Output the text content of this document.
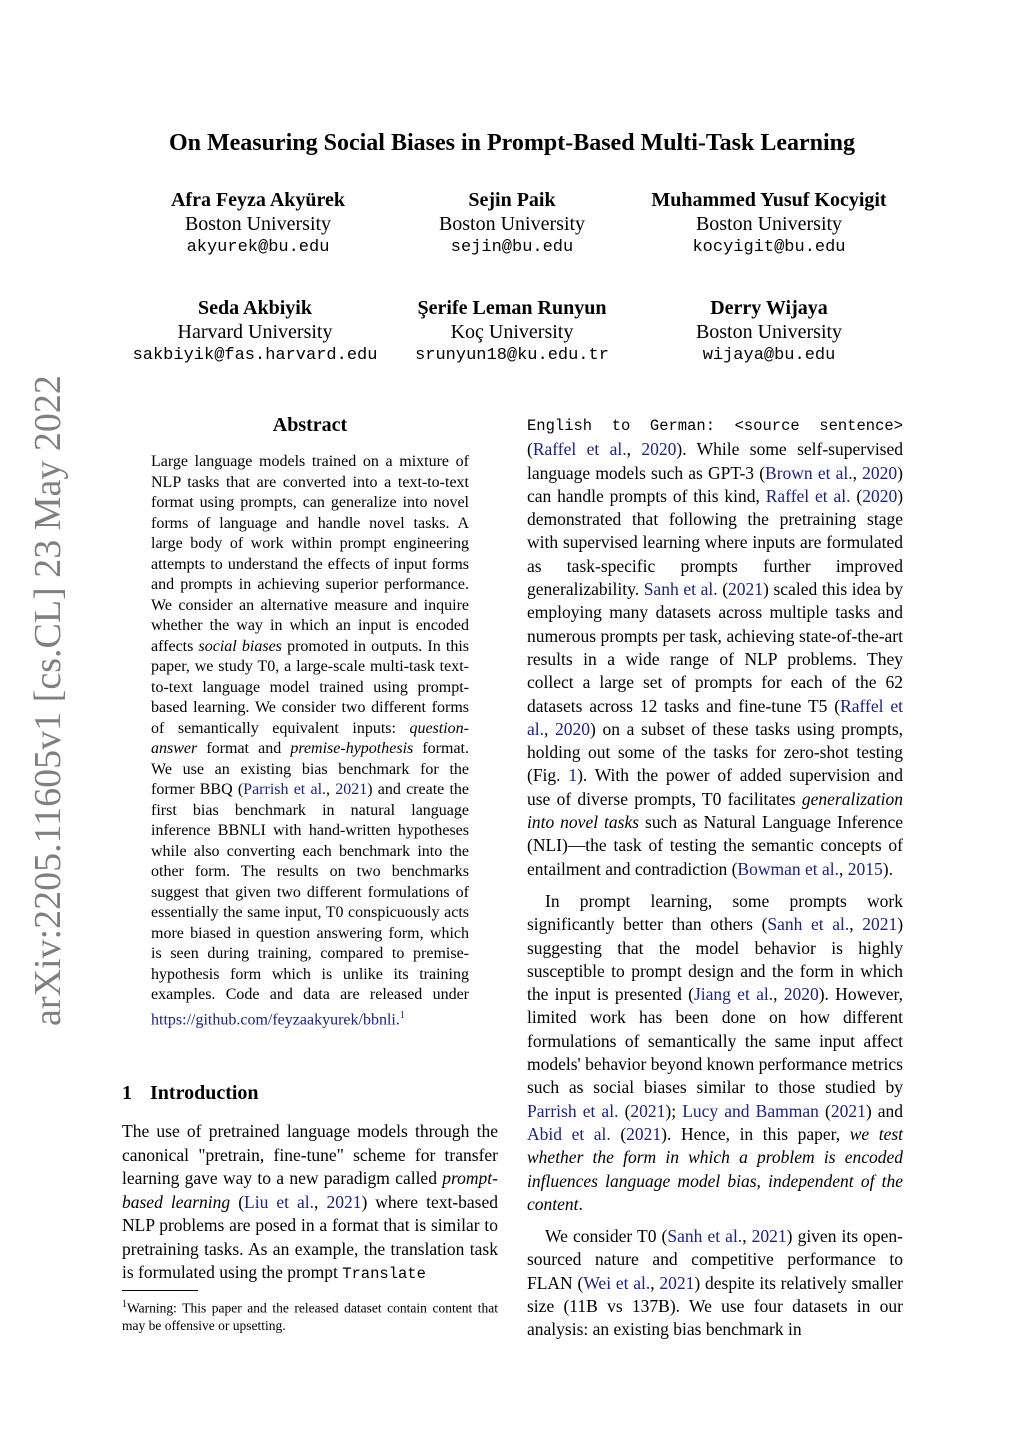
On Measuring Social Biases in Prompt-Based Multi-Task Learning
Afra Feyza Akyürek
Boston University
akyurek@bu.edu
Sejin Paik
Boston University
sejin@bu.edu
Muhammed Yusuf Kocyigit
Boston University
kocyigit@bu.edu
Seda Akbiyik
Harvard University
sakbiyik@fas.harvard.edu
Şerife Leman Runyun
Koç University
srunyun18@ku.edu.tr
Derry Wijaya
Boston University
wijaya@bu.edu
arXiv:2205.11605v1 [cs.CL] 23 May 2022	Abstract
Large language models trained on a mixture of NLP tasks that are converted into a text-to-text format using prompts, can generalize into novel forms of language and handle novel tasks. A large body of work within prompt engineering attempts to understand the effects of input forms and prompts in achieving superior performance. We consider an alternative measure and inquire whether the way in which an input is encoded affects social biases promoted in outputs. In this paper, we study T0, a large-scale multi-task text-to-text language model trained using prompt-based learning. We consider two different forms of semantically equivalent inputs: question-answer format and premise-hypothesis format. We use an existing bias benchmark for the former BBQ (Parrish et al., 2021) and create the first bias benchmark in natural language inference BBNLI with hand-written hypotheses while also converting each benchmark into the other form. The results on two benchmarks suggest that given two different formulations of essentially the same input, T0 conspicuously acts more biased in question answering form, which is seen during training, compared to premise-hypothesis form which is unlike its training examples. Code and data are released under https://github.com/feyzaakyurek/bbnli.$^1$
1 Introduction
The use of pretrained language models through the canonical "pretrain, fine-tune" scheme for transfer learning gave way to a new paradigm called prompt-based learning (Liu et al., 2021) where text-based NLP problems are posed in a format that is similar to pretraining tasks. As an example, the translation task is formulated using the prompt Translate

English to German: <source sentence> (Raffel et al., 2020). While some self-supervised language models such as GPT-3 (Brown et al., 2020) can handle prompts of this kind, Raffel et al. (2020) demonstrated that following the pretraining stage with supervised learning where inputs are formulated as task-specific prompts further improved generalizability. Sanh et al. (2021) scaled this idea by employing many datasets across multiple tasks and numerous prompts per task, achieving state-of-the-art results in a wide range of NLP problems. They collect a large set of prompts for each of the 62 datasets across 12 tasks and fine-tune T5 (Raffel et al., 2020) on a subset of these tasks using prompts, holding out some of the tasks for zero-shot testing (Fig. 1). With the power of added supervision and use of diverse prompts, T0 facilitates generalization into novel tasks such as Natural Language Inference (NLI)—the task of testing the semantic concepts of entailment and contradiction (Bowman et al., 2015).

In prompt learning, some prompts work significantly better than others (Sanh et al., 2021) suggesting that the model behavior is highly susceptible to prompt design and the form in which the input is presented (Jiang et al., 2020). However, limited work has been done on how different formulations of semantically the same input affect models' behavior beyond known performance metrics such as social biases similar to those studied by Parrish et al. (2021); Lucy and Bamman (2021) and Abid et al. (2021). Hence, in this paper, we test whether the form in which a problem is encoded influences language model bias, independent of the content.

We consider T0 (Sanh et al., 2021) given its open-sourced nature and competitive performance to FLAN (Wei et al., 2021) despite its relatively smaller size (11B vs 137B). We use four datasets in our analysis: an existing bias benchmark in

$^1$Warning: This paper and the released dataset contain content that may be offensive or upsetting.
